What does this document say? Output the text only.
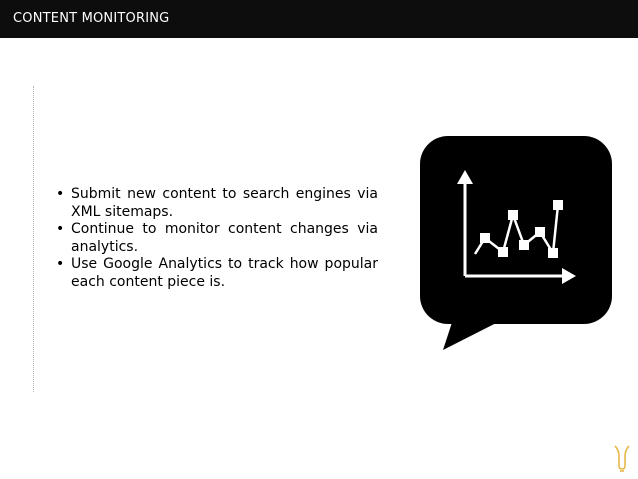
CONTENT MONITORING
• Submit new content to search engines via XML sitemaps.
• Continue to monitor content changes via analytics.
• Use Google Analytics to track how popular each content piece is.
